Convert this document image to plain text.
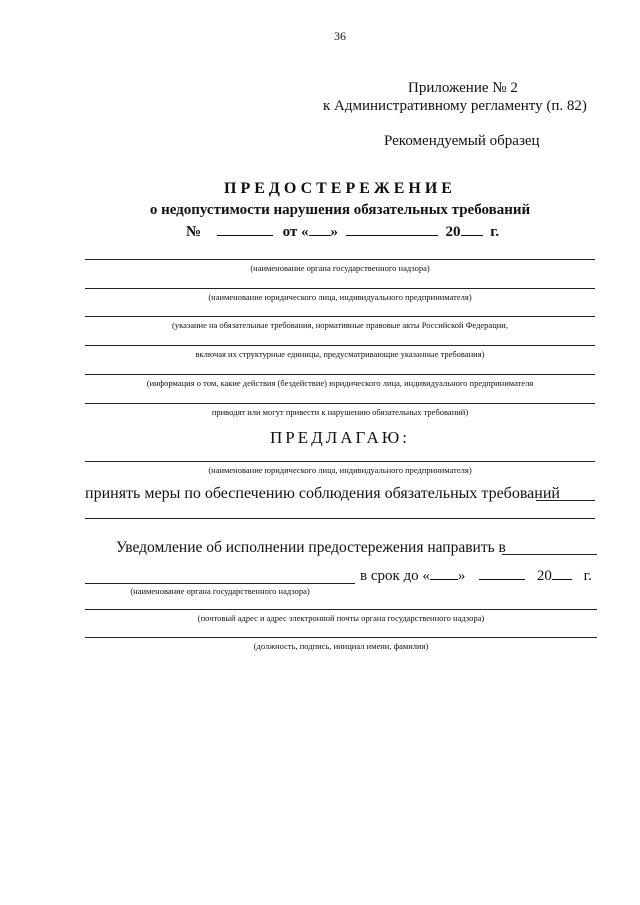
36
Приложение № 2
к Административному регламенту (п. 82)
Рекомендуемый образец
ПРЕДОСТЕРЕЖЕНИЕ
о недопустимости нарушения обязательных требований
№	от « »	20 г.
(наименование органа государственного надзора)
(наименование юридического лица, индивидуального предпринимателя)
(указание на обязательные требования, нормативные правовые акты Российской Федерации,
включая их структурные единицы, предусматривающие указанные требования)
(информация о том, какие действия (бездействие) юридического лица, индивидуального предпринимателя
приводят или могут привести к нарушению обязательных требований)
ПРЕДЛАГАЮ:
(наименование юридического лица, индивидуального предпринимателя)
принять меры по обеспечению соблюдения обязательных требований
Уведомление об исполнении предостережения направить в
(наименование органа государственного надзора)
в срок до « »	20 г.
(почтовый адрес и адрес электронной почты органа государственного надзора)
(должность, подпись, инициал имени, фамилия)
